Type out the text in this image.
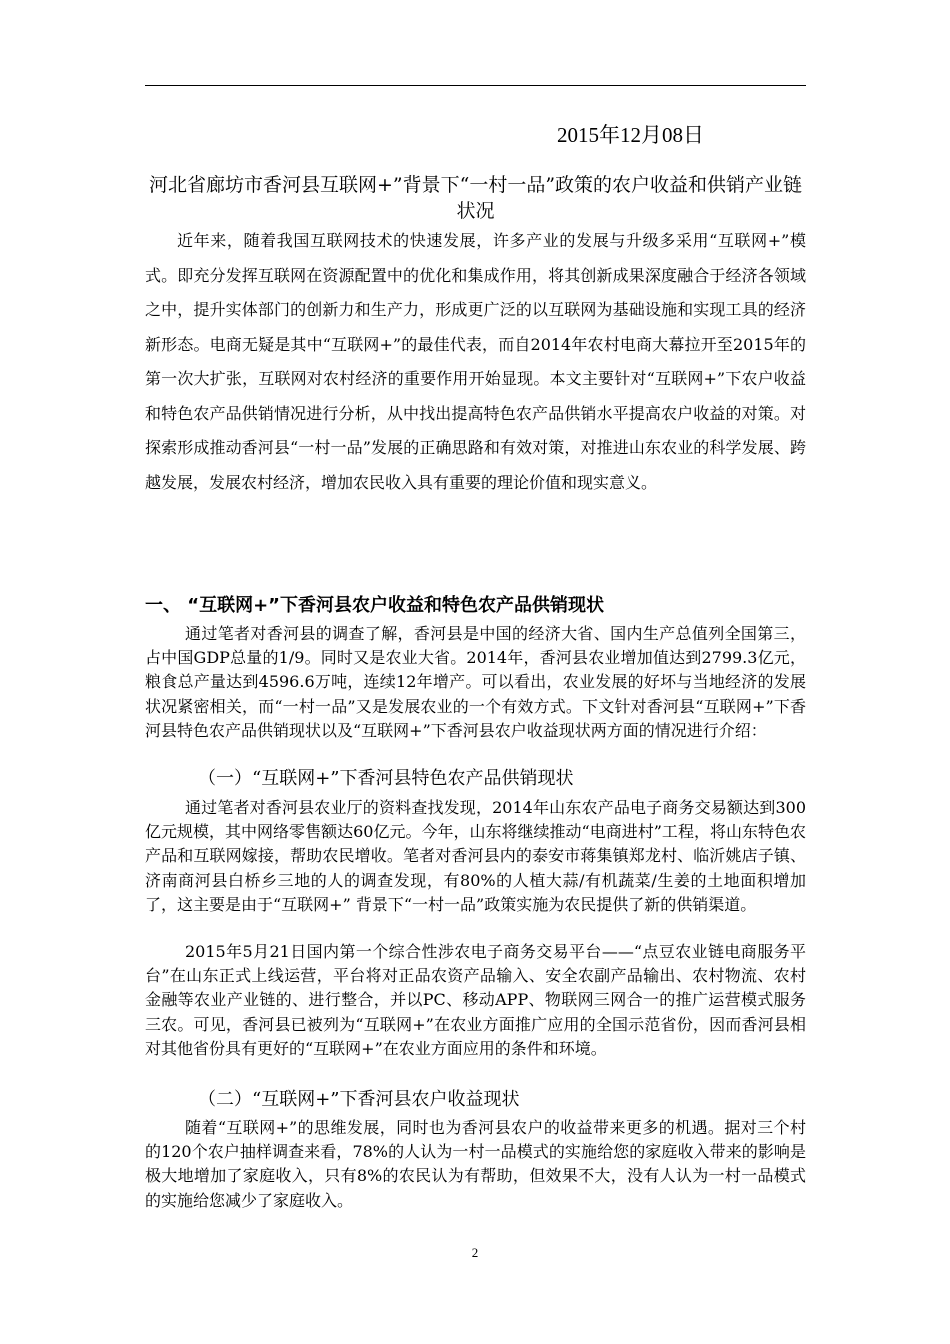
2015年12月08日
河北省廊坊市香河县互联网+”背景下“一村一品”政策的农户收益和供销产业链状况

近年来，随着我国互联网技术的快速发展，许多产业的发展与升级多采用“互联网+”模式。即充分发挥互联网在资源配置中的优化和集成作用，将其创新成果深度融合于经济各领域之中，提升实体部门的创新力和生产力，形成更广泛的以互联网为基础设施和实现工具的经济新形态。电商无疑是其中“互联网+”的最佳代表，而自2014年农村电商大幕拉开至2015年的第一次大扩张，互联网对农村经济的重要作用开始显现。本文主要针对“互联网+”下农户收益和特色农产品供销情况进行分析，从中找出提高特色农产品供销水平提高农户收益的对策。对探索形成推动香河县“一村一品”发展的正确思路和有效对策，对推进山东农业的科学发展、跨越发展，发展农村经济，增加农民收入具有重要的理论价值和现实意义。

一、 “互联网+”下香河县农户收益和特色农产品供销现状

通过笔者对香河县的调查了解，香河县是中国的经济大省、国内生产总值列全国第三，占中国GDP总量的1/9。同时又是农业大省。2014年，香河县农业增加值达到2799.3亿元，粮食总产量达到4596.6万吨，连续12年增产。可以看出，农业发展的好坏与当地经济的发展状况紧密相关，而“一村一品”又是发展农业的一个有效方式。下文针对香河县“互联网+”下香河县特色农产品供销现状以及“互联网+”下香河县农户收益现状两方面的情况进行介绍：

（一）“互联网+”下香河县特色农产品供销现状

通过笔者对香河县农业厅的资料查找发现，2014年山东农产品电子商务交易额达到300亿元规模，其中网络零售额达60亿元。今年，山东将继续推动“电商进村”工程，将山东特色农产品和互联网嫁接，帮助农民增收。笔者对香河县内的泰安市蒋集镇郑龙村、临沂姚店子镇、济南商河县白桥乡三地的人的调查发现，有80%的人植大蒜/有机蔬菜/生姜的土地面积增加了，这主要是由于“互联网+” 背景下“一村一品”政策实施为农民提供了新的供销渠道。

2015年5月21日国内第一个综合性涉农电子商务交易平台——“点豆农业链电商服务平台”在山东正式上线运营，平台将对正品农资产品输入、安全农副产品输出、农村物流、农村金融等农业产业链的、进行整合，并以PC、移动APP、物联网三网合一的推广运营模式服务三农。可见，香河县已被列为“互联网+”在农业方面推广应用的全国示范省份，因而香河县相对其他省份具有更好的“互联网+”在农业方面应用的条件和环境。

（二）“互联网+”下香河县农户收益现状

随着“互联网+”的思维发展，同时也为香河县农户的收益带来更多的机遇。据对三个村的120个农户抽样调查来看，78%的人认为一村一品模式的实施给您的家庭收入带来的影响是极大地增加了家庭收入，只有8%的农民认为有帮助，但效果不大，没有人认为一村一品模式的实施给您减少了家庭收入。

2
